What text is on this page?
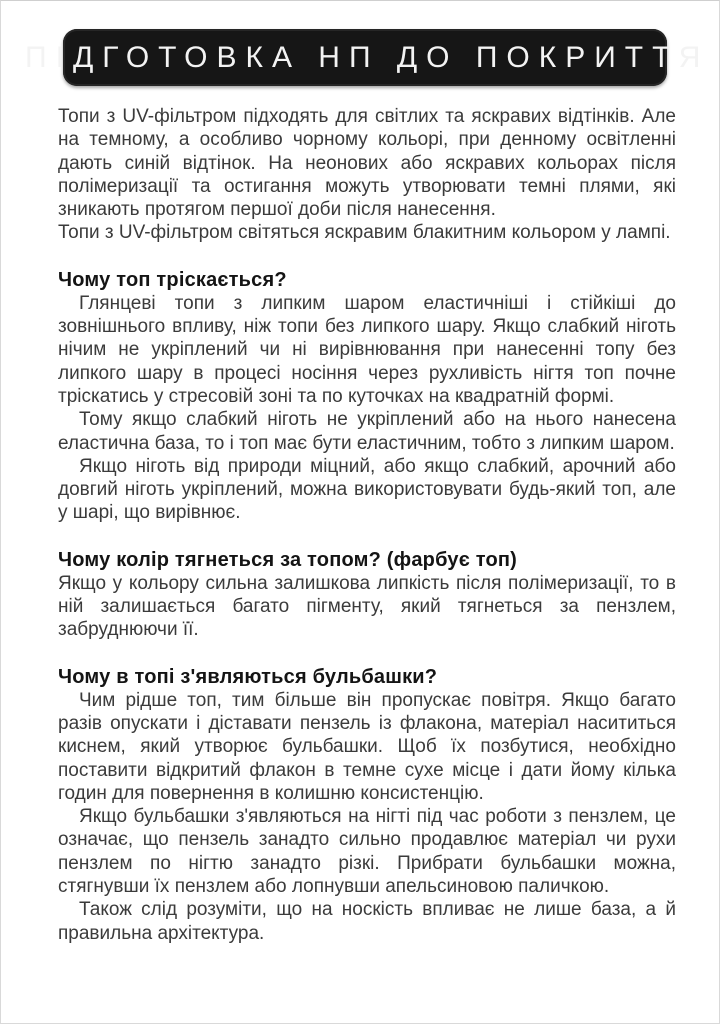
ПІДГОТОВКА НП ДО ПОКРИТТЯ

Топи з UV-фільтром підходять для світлих та яскравих відтінків. Але на темному, а особливо чорному кольорі, при денному освітленні дають синій відтінок. На неонових або яскравих кольорах після полімеризації та остигання можуть утворювати темні плями, які зникають протягом першої доби після нанесення.

Топи з UV-фільтром світяться яскравим блакитним кольором у лампі.

Чому топ тріскається?

Глянцеві топи з липким шаром еластичніші і стійкіші до зовнішнього впливу, ніж топи без липкого шару. Якщо слабкий ніготь нічим не укріплений чи ні вирівнювання при нанесенні топу без липкого шару в процесі носіння через рухливість нігтя топ почне тріскатись у стресовій зоні та по куточках на квадратній формі.

Тому якщо слабкий ніготь не укріплений або на нього нанесена еластична база, то і топ має бути еластичним, тобто з липким шаром.

Якщо ніготь від природи міцний, або якщо слабкий, арочний або довгий ніготь укріплений, можна використовувати будь-який топ, але у шарі, що вирівнює.

Чому колір тягнеться за топом? (фарбує топ)

Якщо у кольору сильна залишкова липкість після полімеризації, то в ній залишається багато пігменту, який тягнеться за пензлем, забруднюючи її.

Чому в топі з'являються бульбашки?

Чим рідше топ, тим більше він пропускає повітря. Якщо багато разів опускати і діставати пензель із флакона, матеріал насититься киснем, який утворює бульбашки. Щоб їх позбутися, необхідно поставити відкритий флакон в темне сухе місце і дати йому кілька годин для повернення в колишню консистенцію.

Якщо бульбашки з'являються на нігті під час роботи з пензлем, це означає, що пензель занадто сильно продавлює матеріал чи рухи пензлем по нігтю занадто різкі. Прибрати бульбашки можна, стягнувши їх пензлем або лопнувши апельсиновою паличкою.

Також слід розуміти, що на носкість впливає не лише база, а й правильна архітектура.
